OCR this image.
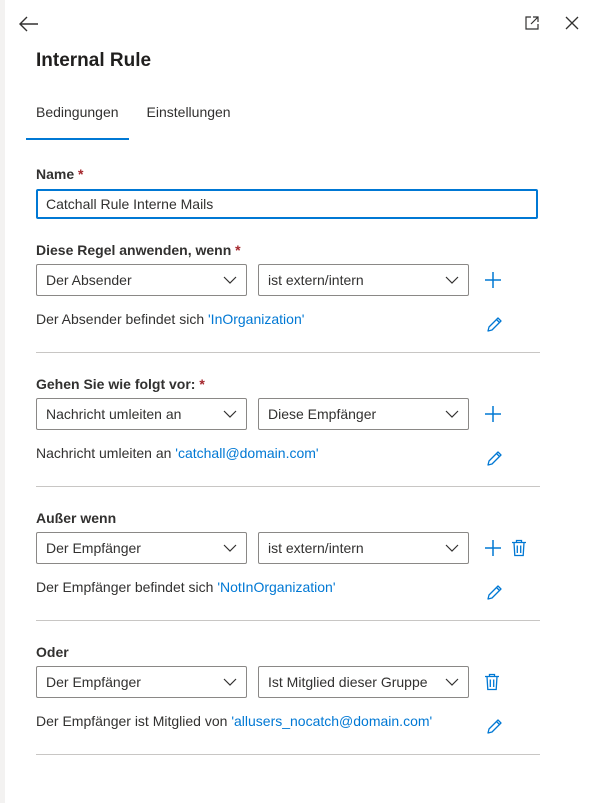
Internal Rule
Bedingungen	Einstellungen
Name *
Catchall Rule Interne Mails
Diese Regel anwenden, wenn *
Der Absender	ist extern/intern
Der Absender befindet sich 'InOrganization'
Gehen Sie wie folgt vor: *
Nachricht umleiten an	Diese Empfänger
Nachricht umleiten an 'catchall@domain.com'
Außer wenn
Der Empfänger	ist extern/intern
Der Empfänger befindet sich 'NotInOrganization'
Oder
Der Empfänger	Ist Mitglied dieser Gruppe
Der Empfänger ist Mitglied von 'allusers_nocatch@domain.com'
